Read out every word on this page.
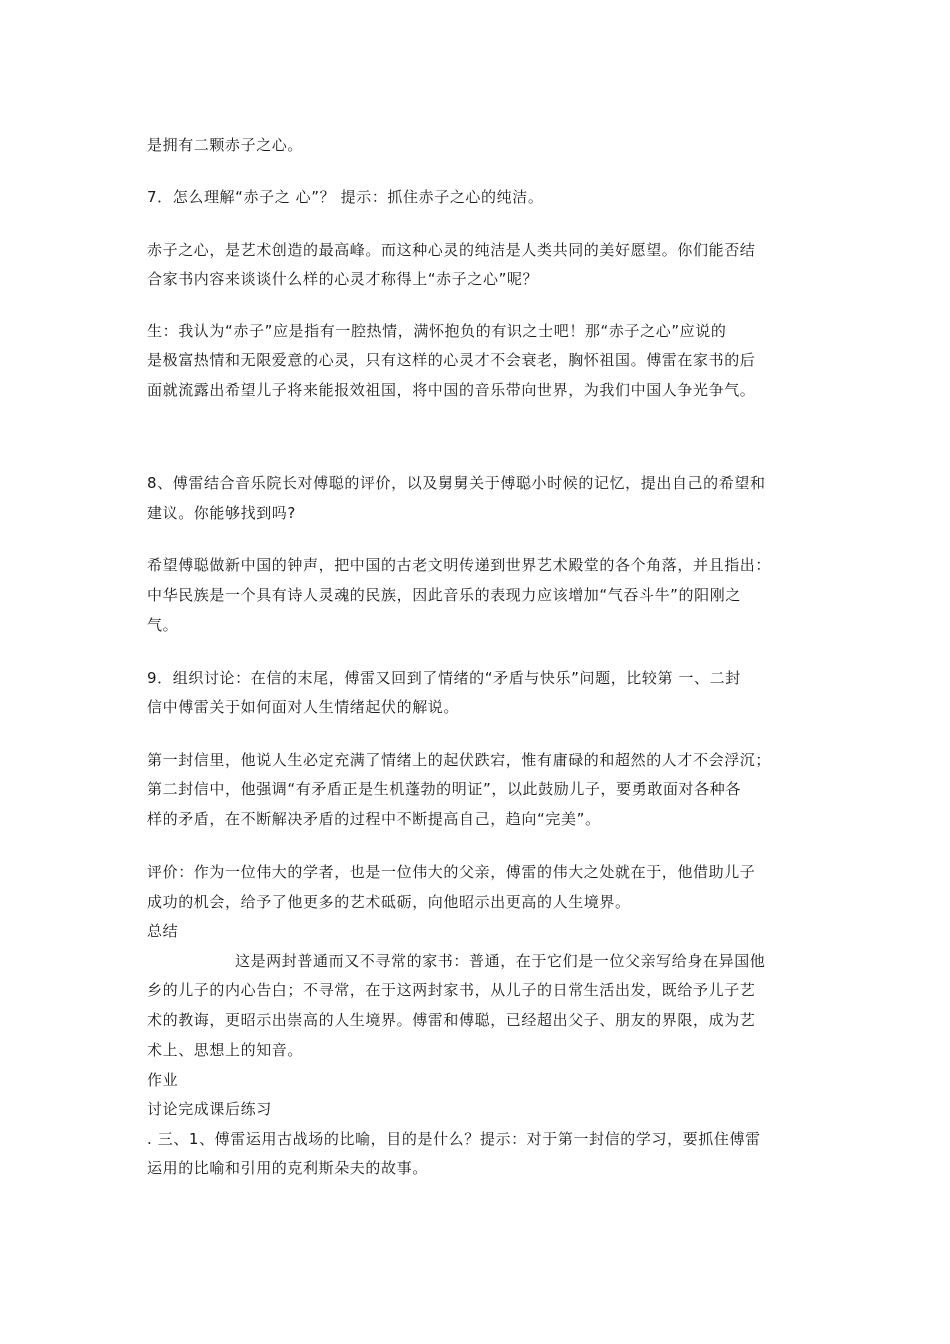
是拥有二颗赤子之心。
7．怎么理解“赤子之 心”？ 提示：抓住赤子之心的纯洁。
赤子之心，是艺术创造的最高峰。而这种心灵的纯洁是人类共同的美好愿望。你们能否结
合家书内容来谈谈什么样的心灵才称得上“赤子之心”呢？
生：我认为“赤子”应是指有一腔热情，满怀抱负的有识之士吧！那“赤子之心”应说的
是极富热情和无限爱意的心灵，只有这样的心灵才不会衰老，胸怀祖国。傅雷在家书的后
面就流露出希望儿子将来能报效祖国，将中国的音乐带向世界，为我们中国人争光争气。
8、傅雷结合音乐院长对傅聪的评价，以及舅舅关于傅聪小时候的记忆，提出自己的希望和
建议。你能够找到吗?
希望傅聪做新中国的钟声，把中国的古老文明传递到世界艺术殿堂的各个角落，并且指出：
中华民族是一个具有诗人灵魂的民族，因此音乐的表现力应该增加“气吞斗牛”的阳刚之
气。
9．组织讨论：在信的末尾，傅雷又回到了情绪的“矛盾与快乐”问题，比较第 一、二封
信中傅雷关于如何面对人生情绪起伏的解说。
第一封信里，他说人生必定充满了情绪上的起伏跌宕，惟有庸碌的和超然的人才不会浮沉；
第二封信中，他强调“有矛盾正是生机蓬勃的明证”，以此鼓励儿子，要勇敢面对各种各
样的矛盾，在不断解决矛盾的过程中不断提高自己，趋向“完美”。
评价：作为一位伟大的学者，也是一位伟大的父亲，傅雷的伟大之处就在于，他借助儿子
成功的机会，给予了他更多的艺术砥砺，向他昭示出更高的人生境界。
总结
这是两封普通而又不寻常的家书：普通，在于它们是一位父亲写给身在异国他
乡的儿子的内心告白；不寻常，在于这两封家书，从儿子的日常生活出发，既给予儿子艺
术的教诲，更昭示出崇高的人生境界。傅雷和傅聪，已经超出父子、朋友的界限，成为艺
术上、思想上的知音。
作业
讨论完成课后练习
. 三、1、傅雷运用古战场的比喻，目的是什么？提示：对于第一封信的学习，要抓住傅雷
运用的比喻和引用的克利斯朵夫的故事。
